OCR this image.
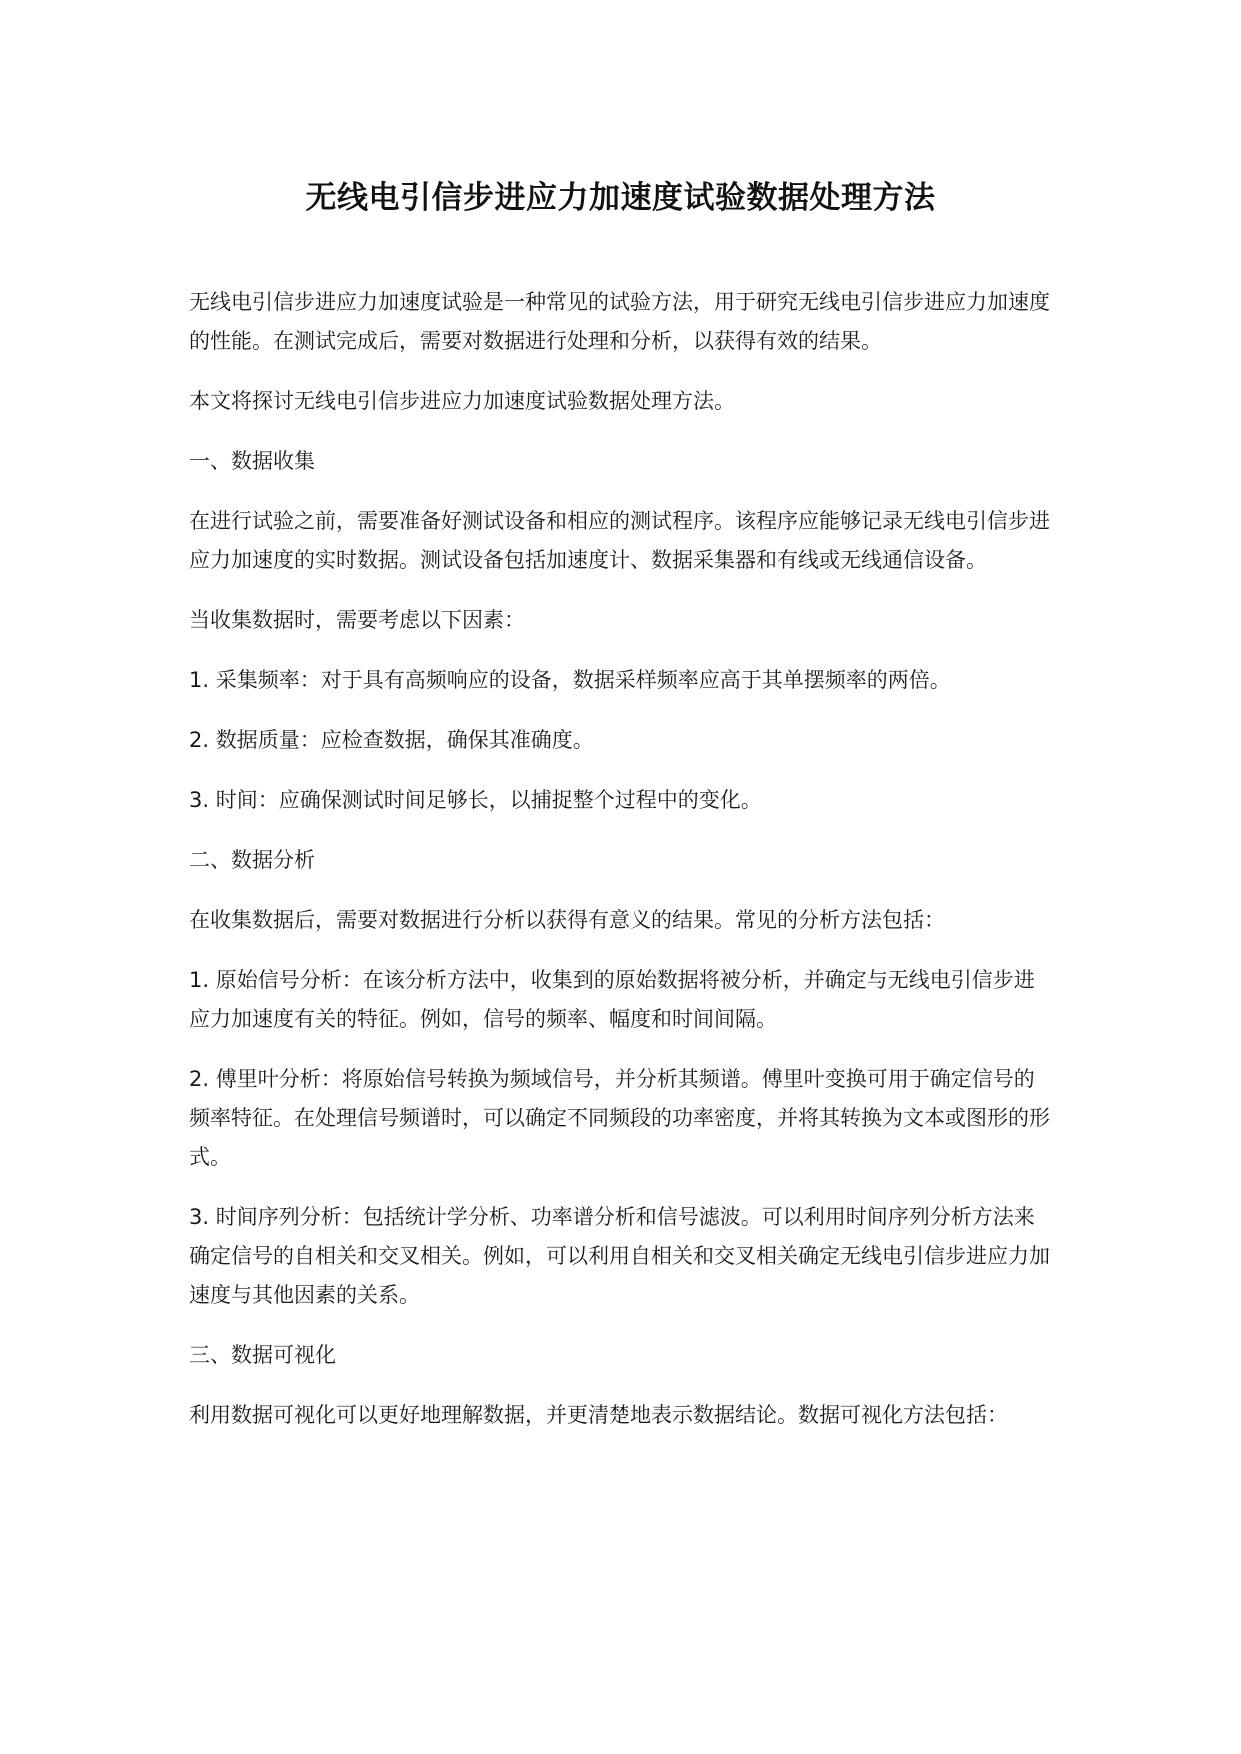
无线电引信步进应力加速度试验数据处理方法

无线电引信步进应力加速度试验是一种常见的试验方法，用于研究无线电引信步进应力加速度的性能。在测试完成后，需要对数据进行处理和分析，以获得有效的结果。

本文将探讨无线电引信步进应力加速度试验数据处理方法。

一、数据收集

在进行试验之前，需要准备好测试设备和相应的测试程序。该程序应能够记录无线电引信步进应力加速度的实时数据。测试设备包括加速度计、数据采集器和有线或无线通信设备。

当收集数据时，需要考虑以下因素：

1. 采集频率：对于具有高频响应的设备，数据采样频率应高于其单摆频率的两倍。

2. 数据质量：应检查数据，确保其准确度。

3. 时间：应确保测试时间足够长，以捕捉整个过程中的变化。

二、数据分析

在收集数据后，需要对数据进行分析以获得有意义的结果。常见的分析方法包括：

1. 原始信号分析：在该分析方法中，收集到的原始数据将被分析，并确定与无线电引信步进应力加速度有关的特征。例如，信号的频率、幅度和时间间隔。

2. 傅里叶分析：将原始信号转换为频域信号，并分析其频谱。傅里叶变换可用于确定信号的频率特征。在处理信号频谱时，可以确定不同频段的功率密度，并将其转换为文本或图形的形式。

3. 时间序列分析：包括统计学分析、功率谱分析和信号滤波。可以利用时间序列分析方法来确定信号的自相关和交叉相关。例如，可以利用自相关和交叉相关确定无线电引信步进应力加速度与其他因素的关系。

三、数据可视化

利用数据可视化可以更好地理解数据，并更清楚地表示数据结论。数据可视化方法包括：
